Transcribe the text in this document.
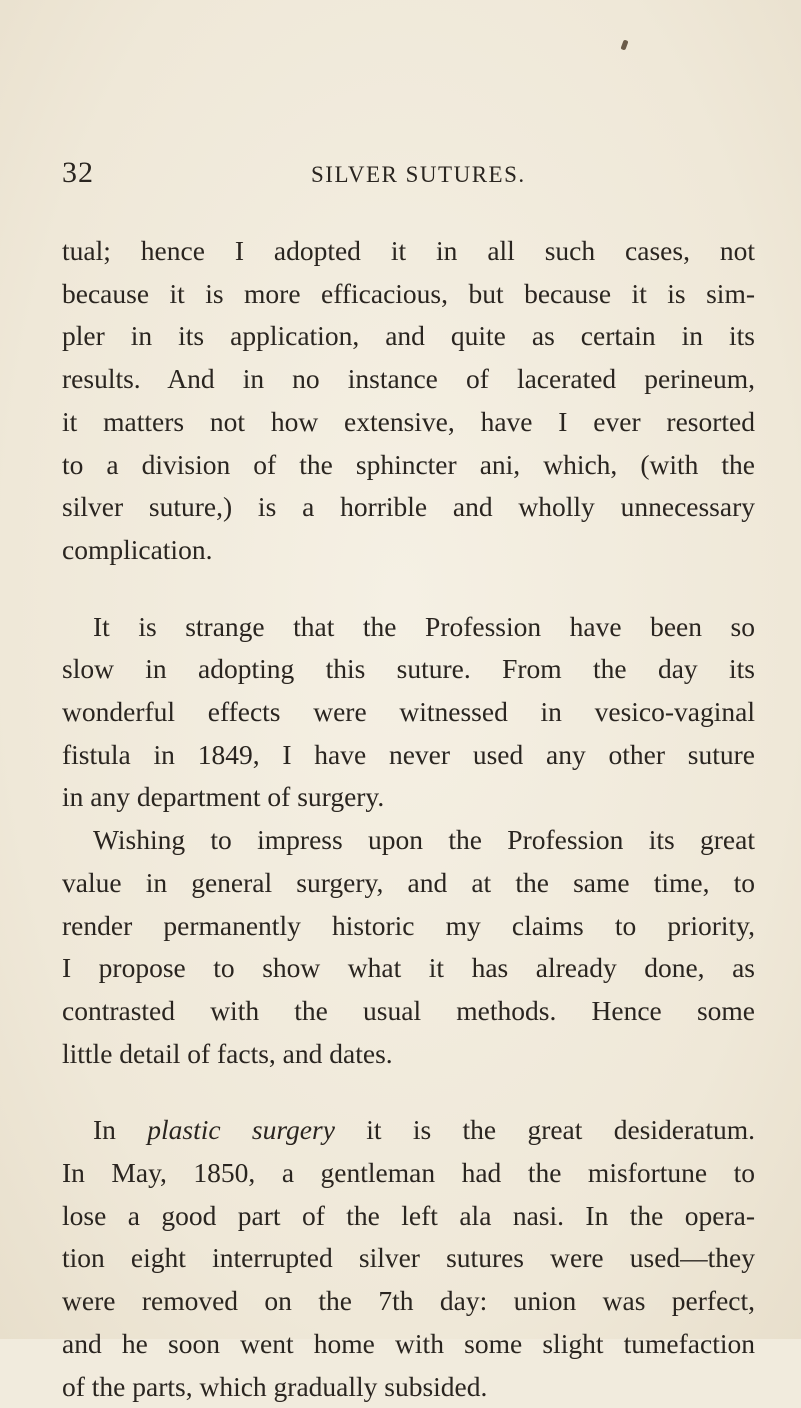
32	SILVER SUTURES.
tual; hence I adopted it in all such cases, not
because it is more efficacious, but because it is sim-
pler in its application, and quite as certain in its
results. And in no instance of lacerated perineum,
it matters not how extensive, have I ever resorted
to a division of the sphincter ani, which, (with the
silver suture,) is a horrible and wholly unnecessary
complication.
It is strange that the Profession have been so
slow in adopting this suture. From the day its
wonderful effects were witnessed in vesico-vaginal
fistula in 1849, I have never used any other suture
in any department of surgery.
Wishing to impress upon the Profession its great
value in general surgery, and at the same time, to
render permanently historic my claims to priority,
I propose to show what it has already done, as
contrasted with the usual methods. Hence some
little detail of facts, and dates.
In plastic surgery it is the great desideratum.
In May, 1850, a gentleman had the misfortune to
lose a good part of the left ala nasi. In the opera-
tion eight interrupted silver sutures were used—they
were removed on the 7th day: union was perfect,
and he soon went home with some slight tumefaction
of the parts, which gradually subsided.
